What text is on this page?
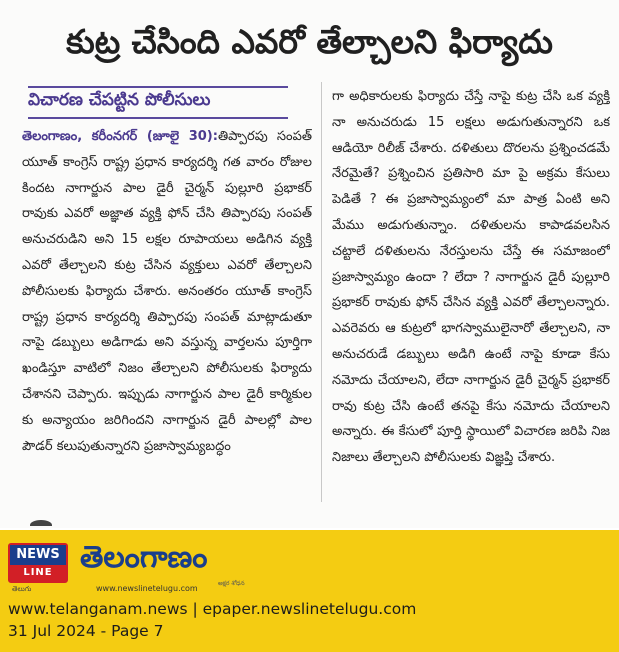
కుట్ర చేసింది ఎవరో తేల్చాలని ఫిర్యాదు
విచారణ చేపట్టిన పోలీసులు
తెలంగాణం, కరీంనగర్ (జూలై 30):తిప్పారపు సంపత్ యూత్ కాంగ్రెస్ రాష్ట్ర ప్రధాన కార్యదర్శి గత వారం రోజుల కిందట నాగార్జున పాల డైరీ చైర్మన్ పుల్లూరి ప్రభాకర్ రావుకు ఎవరో అజ్ఞాత వ్యక్తి ఫోన్ చేసి తిప్పారపు సంపత్ అనుచరుడిని అని 15 లక్షల రూపాయలు అడిగిన వ్యక్తి ఎవరో తేల్చాలని కుట్ర చేసిన వ్యక్తులు ఎవరో తేల్చాలని పోలీసులకు ఫిర్యాదు చేశారు. అనంతరం యూత్ కాంగ్రెస్ రాష్ట్ర ప్రధాన కార్యదర్శి తిప్పారపు సంపత్ మాట్లాడుతూ నాపై డబ్బులు అడిగాడు అని వస్తున్న వార్తలను పూర్తిగా ఖండిస్తూ వాటిలో నిజం తేల్చాలని పోలీసులకు ఫిర్యాదు చేశానని చెప్పారు. ఇప్పుడు నాగార్జున పాల డైరీ కార్మికుల కు అన్యాయం జరిగిందని నాగార్జున డైరీ పాలల్లో పాల పౌడర్ కలుపుతున్నారని ప్రజాస్వామ్యబద్ధం
గా అధికారులకు ఫిర్యాదు చేస్తే నాపై కుట్ర చేసి ఒక వ్యక్తి నా అనుచరుడు 15 లక్షలు అడుగుతున్నారని ఒక ఆడియో రిలీజ్ చేశారు. దళితులు దొరలను ప్రశ్నించడమే నేరమైతే? ప్రశ్నించిన ప్రతిసారి మా పై అక్రమ కేసులు పెడితే ? ఈ ప్రజాస్వామ్యంలో మా పాత్ర ఏంటి అని మేము అడుగుతున్నాం. దళితులను కాపాడవలసిన చట్టాలే దళితులను నేరస్తులను చేస్తే ఈ సమాజంలో ప్రజాస్వామ్యం ఉందా ? లేదా ? నాగార్జున డైరీ పుల్లూరి ప్రభాకర్ రావుకు ఫోన్ చేసిన వ్యక్తి ఎవరో తేల్చాలన్నారు. ఎవరెవరు ఆ కుట్రలో భాగస్వాములైనారో తేల్చాలని, నా అనుచరుడే డబ్బులు అడిగి ఉంటే నాపై కూడా కేసు నమోదు చేయాలని, లేదా నాగార్జున డైరీ చైర్మన్ ప్రభాకర్ రావు కుట్ర చేసి ఉంటే తనపై కేసు నమోదు చేయాలని అన్నారు. ఈ కేసులో పూర్తి స్థాయిలో విచారణ జరిపి నిజ నిజాలు తేల్చాలని పోలీసులకు విజ్ఞప్తి చేశారు.
NEWS
LINE
తెలుగు
తెలంగాణం
అక్షర శోధన
www.newslinetelugu.com
www.telanganam.news | epaper.newslinetelugu.com
31 Jul 2024 - Page 7
